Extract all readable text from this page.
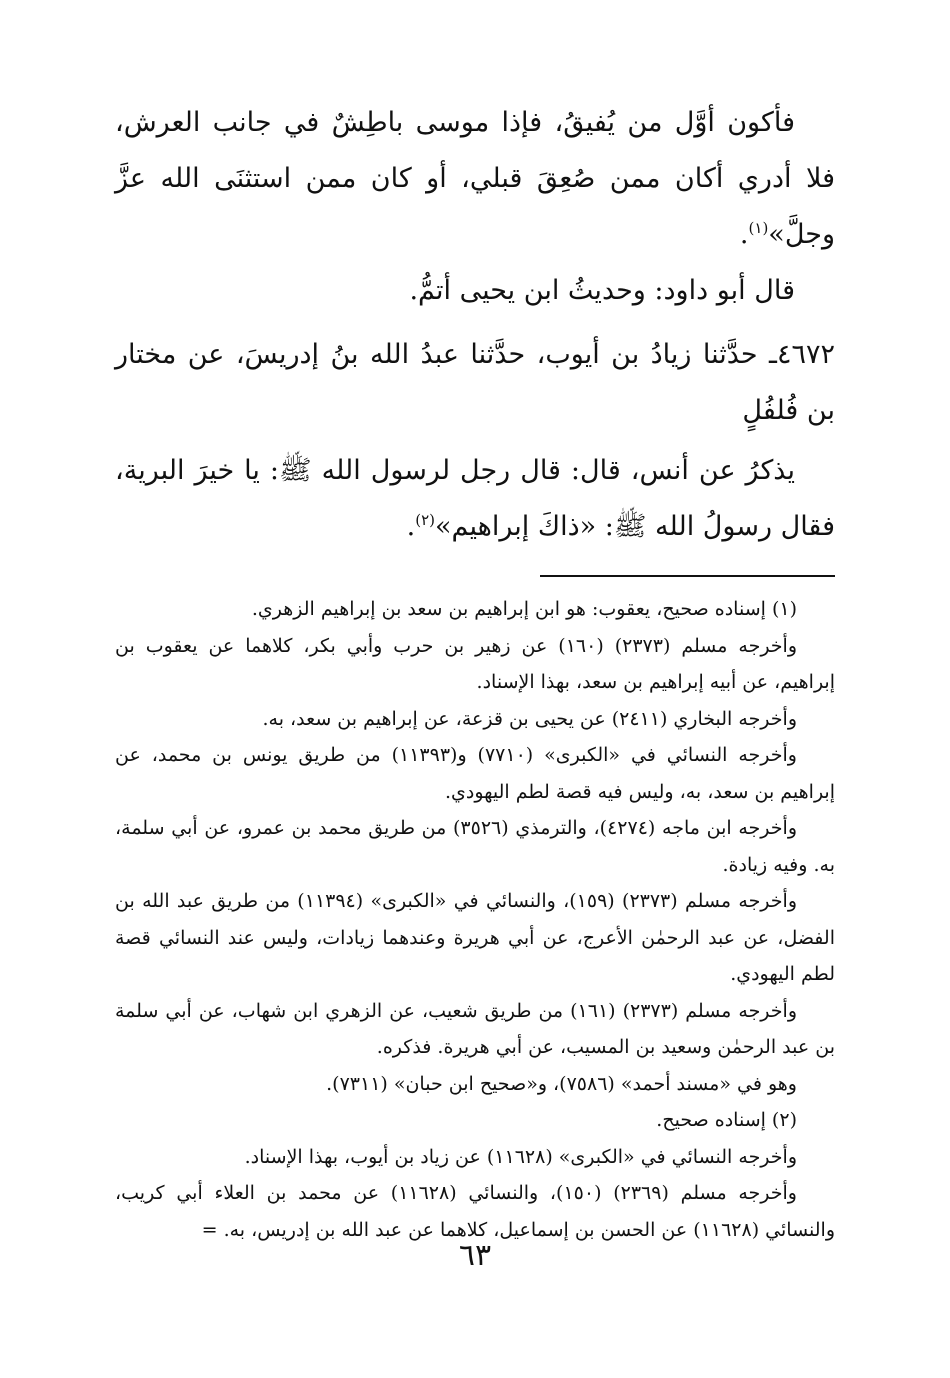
فأكون أوَّل من يُفيقُ، فإذا موسى باطِشٌ في جانب العرش، فلا أدري أكان ممن صُعِقَ قبلي، أو كان ممن استثنَى الله عزَّ وجلَّ»$^{(١)}$.

قال أبو داود: وحديثُ ابن يحيى أتمُّ.

٤٦٧٢ـ حدَّثنا زيادُ بن أيوب، حدَّثنا عبدُ الله بنُ إدريسَ، عن مختار بن فُلفُلٍ

يذكرُ عن أنس، قال: قال رجل لرسول الله ﷺ: يا خيرَ البرية، فقال رسولُ الله ﷺ: «ذاكَ إبراهيم»$^{(٢)}$.

(١) إسناده صحيح، يعقوب: هو ابن إبراهيم بن سعد بن إبراهيم الزهري.

وأخرجه مسلم (٢٣٧٣) (١٦٠) عن زهير بن حرب وأبي بكر، كلاهما عن يعقوب بن إبراهيم، عن أبيه إبراهيم بن سعد، بهذا الإسناد.

وأخرجه البخاري (٢٤١١) عن يحيى بن قزعة، عن إبراهيم بن سعد، به.

وأخرجه النسائي في «الكبرى» (٧٧١٠) و(١١٣٩٣) من طريق يونس بن محمد، عن إبراهيم بن سعد، به، وليس فيه قصة لطم اليهودي.

وأخرجه ابن ماجه (٤٢٧٤)، والترمذي (٣٥٢٦) من طريق محمد بن عمرو، عن أبي سلمة، به. وفيه زيادة.

وأخرجه مسلم (٢٣٧٣) (١٥٩)، والنسائي في «الكبرى» (١١٣٩٤) من طريق عبد الله بن الفضل، عن عبد الرحمٰن الأعرج، عن أبي هريرة وعندهما زيادات، وليس عند النسائي قصة لطم اليهودي.

وأخرجه مسلم (٢٣٧٣) (١٦١) من طريق شعيب، عن الزهري ابن شهاب، عن أبي سلمة بن عبد الرحمٰن وسعيد بن المسيب، عن أبي هريرة. فذكره.

وهو في «مسند أحمد» (٧٥٨٦)، و«صحيح ابن حبان» (٧٣١١).

(٢) إسناده صحيح.

وأخرجه النسائي في «الكبرى» (١١٦٢٨) عن زياد بن أيوب، بهذا الإسناد.

وأخرجه مسلم (٢٣٦٩) (١٥٠)، والنسائي (١١٦٢٨) عن محمد بن العلاء أبي كريب، والنسائي (١١٦٢٨) عن الحسن بن إسماعيل، كلاهما عن عبد الله بن إدريس، به. =

٦٣
